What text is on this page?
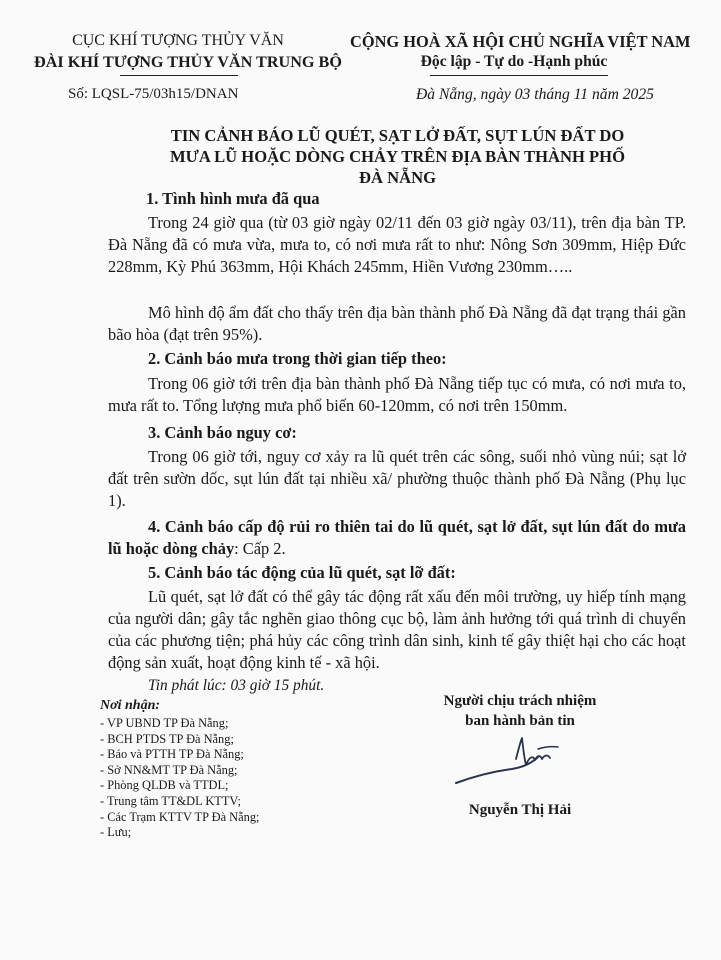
CỤC KHÍ TƯỢNG THỦY VĂN
ĐÀI KHÍ TƯỢNG THỦY VĂN TRUNG BỘ
CỘNG HOÀ XÃ HỘI CHỦ NGHĨA VIỆT NAM
Độc lập - Tự do -Hạnh phúc
Số: LQSL-75/03h15/DNAN	Đà Nẵng, ngày 03 tháng 11 năm 2025
TIN CẢNH BÁO LŨ QUÉT, SẠT LỞ ĐẤT, SỤT LÚN ĐẤT DO
MƯA LŨ HOẶC DÒNG CHẢY TRÊN ĐỊA BÀN THÀNH PHỐ
ĐÀ NẴNG
1. Tình hình mưa đã qua
Trong 24 giờ qua (từ 03 giờ ngày 02/11 đến 03 giờ ngày 03/11), trên địa bàn TP. Đà Nẵng đã có mưa vừa, mưa to, có nơi mưa rất to như: Nông Sơn 309mm, Hiệp Đức 228mm, Kỳ Phú 363mm, Hội Khách 245mm, Hiền Vương 230mm…..
Mô hình độ ẩm đất cho thấy trên địa bàn thành phố Đà Nẵng đã đạt trạng thái gần bão hòa (đạt trên 95%).
2. Cảnh báo mưa trong thời gian tiếp theo:
Trong 06 giờ tới trên địa bàn thành phố Đà Nẵng tiếp tục có mưa, có nơi mưa to, mưa rất to. Tổng lượng mưa phổ biến 60-120mm, có nơi trên 150mm.
3. Cảnh báo nguy cơ:
Trong 06 giờ tới, nguy cơ xảy ra lũ quét trên các sông, suối nhỏ vùng núi; sạt lở đất trên sườn dốc, sụt lún đất tại nhiều xã/ phường thuộc thành phố Đà Nẵng (Phụ lục 1).
4. Cảnh báo cấp độ rủi ro thiên tai do lũ quét, sạt lở đất, sụt lún đất do mưa lũ hoặc dòng chảy: Cấp 2.
5. Cảnh báo tác động của lũ quét, sạt lỡ đất:
Lũ quét, sạt lở đất có thể gây tác động rất xấu đến môi trường, uy hiếp tính mạng của người dân; gây tắc nghẽn giao thông cục bộ, làm ảnh hưởng tới quá trình di chuyển của các phương tiện; phá hủy các công trình dân sinh, kinh tế gây thiệt hại cho các hoạt động sản xuất, hoạt động kinh tế - xã hội.
Tin phát lúc: 03 giờ 15 phút.
Nơi nhận:
- VP UBND TP Đà Nẵng;
- BCH PTDS TP Đà Nẵng;
- Báo và PTTH TP Đà Nẵng;
- Sở NN&MT TP Đà Nẵng;
- Phòng QLDB và TTDL;
- Trung tâm TT&DL KTTV;
- Các Trạm KTTV TP Đà Nẵng;
- Lưu;
Người chịu trách nhiệm
ban hành bản tin
Nguyễn Thị Hải
